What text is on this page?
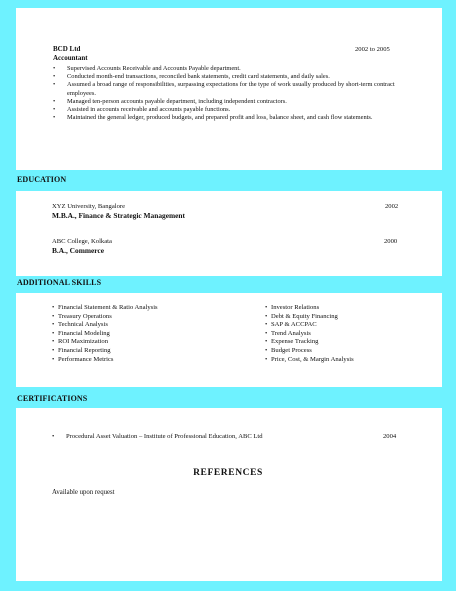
BCD Ltd	2002 to 2005
Accountant
• Supervised Accounts Receivable and Accounts Payable department.
• Conducted month-end transactions, reconciled bank statements, credit card statements, and daily sales.
• Assumed a broad range of responsibilities, surpassing expectations for the type of work usually produced by short-term contract employees.
• Managed ten-person accounts payable department, including independent contractors.
• Assisted in accounts receivable and accounts payable functions.
• Maintained the general ledger, produced budgets, and prepared profit and loss, balance sheet, and cash flow statements.
EDUCATION
XYZ University, Bangalore	2002
M.B.A., Finance & Strategic Management
ABC College, Kolkata	2000
B.A., Commerce
ADDITIONAL SKILLS
• Financial Statement & Ratio Analysis
• Treasury Operations
• Technical Analysis
• Financial Modeling
• ROI Maximization
• Financial Reporting
• Performance Metrics
• Investor Relations
• Debt & Equity Financing
• SAP & ACCPAC
• Trend Analysis
• Expense Tracking
• Budget Process
• Price, Cost, & Margin Analysis
CERTIFICATIONS
• Procedural Asset Valuation – Institute of Professional Education, ABC Ltd	2004
REFERENCES
Available upon request
